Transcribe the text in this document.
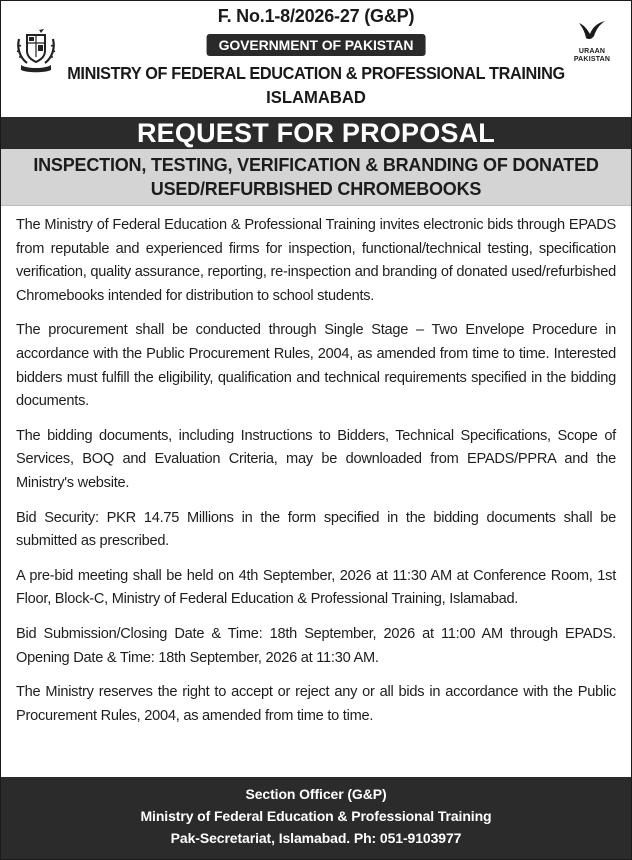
F. No.1-8/2026-27 (G&P)
GOVERNMENT OF PAKISTAN
MINISTRY OF FEDERAL EDUCATION & PROFESSIONAL TRAINING
ISLAMABAD
URAAN
PAKISTAN
REQUEST FOR PROPOSAL
INSPECTION, TESTING, VERIFICATION & BRANDING OF DONATED
USED/REFURBISHED CHROMEBOOKS

The Ministry of Federal Education & Professional Training invites electronic bids through EPADS from reputable and experienced firms for inspection, functional/technical testing, specification verification, quality assurance, reporting, re-inspection and branding of donated used/refurbished Chromebooks intended for distribution to school students.

The procurement shall be conducted through Single Stage – Two Envelope Procedure in accordance with the Public Procurement Rules, 2004, as amended from time to time. Interested bidders must fulfill the eligibility, qualification and technical requirements specified in the bidding documents.

The bidding documents, including Instructions to Bidders, Technical Specifications, Scope of Services, BOQ and Evaluation Criteria, may be downloaded from EPADS/PPRA and the Ministry's website.

Bid Security: PKR 14.75 Millions in the form specified in the bidding documents shall be submitted as prescribed.

A pre-bid meeting shall be held on 4th September, 2026 at 11:30 AM at Conference Room, 1st Floor, Block-C, Ministry of Federal Education & Professional Training, Islamabad.

Bid Submission/Closing Date & Time: 18th September, 2026 at 11:00 AM through EPADS. Opening Date & Time: 18th September, 2026 at 11:30 AM.

The Ministry reserves the right to accept or reject any or all bids in accordance with the Public Procurement Rules, 2004, as amended from time to time.

Section Officer (G&P)
Ministry of Federal Education & Professional Training
Pak-Secretariat, Islamabad. Ph: 051-9103977
